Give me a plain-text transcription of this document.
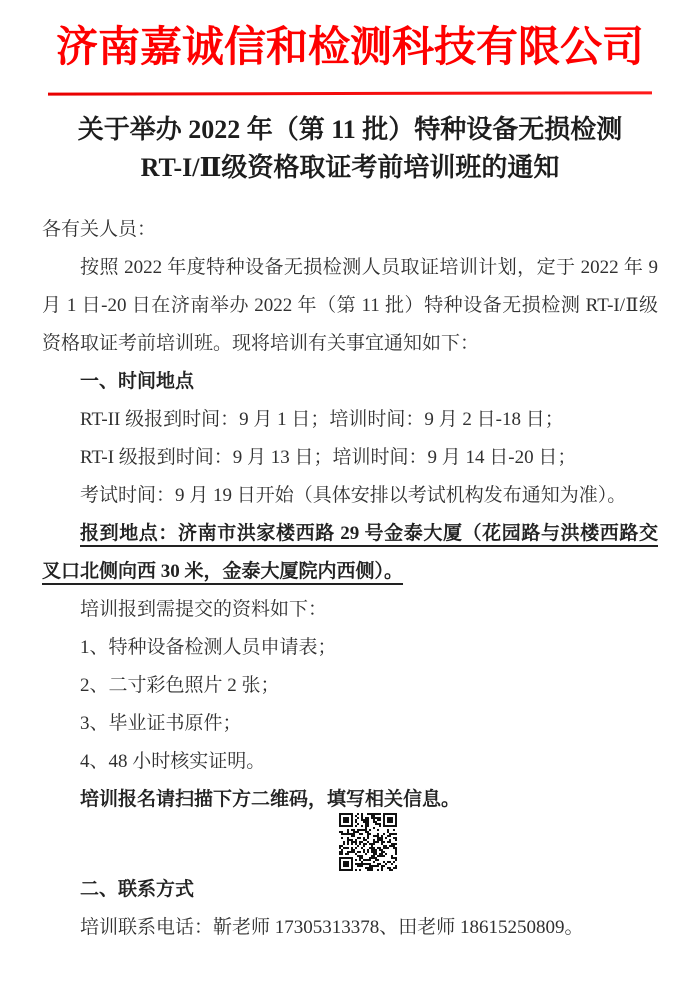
济南嘉诚信和检测科技有限公司
关于举办 2022 年（第 11 批）特种设备无损检测
RT-I/Ⅱ级资格取证考前培训班的通知

各有关人员：

按照 2022 年度特种设备无损检测人员取证培训计划，定于 2022 年 9 月 1 日-20 日在济南举办 2022 年（第 11 批）特种设备无损检测 RT-I/Ⅱ级资格取证考前培训班。现将培训有关事宜通知如下：

一、时间地点

RT-II 级报到时间：9 月 1 日；培训时间：9 月 2 日-18 日；

RT-I 级报到时间：9 月 13 日；培训时间：9 月 14 日-20 日；

考试时间：9 月 19 日开始（具体安排以考试机构发布通知为准）。

报到地点：济南市洪家楼西路 29 号金泰大厦（花园路与洪楼西路交叉口北侧向西 30 米，金泰大厦院内西侧）。

培训报到需提交的资料如下：

1、特种设备检测人员申请表；

2、二寸彩色照片 2 张；

3、毕业证书原件；

4、48 小时核实证明。

培训报名请扫描下方二维码，填写相关信息。

二、联系方式

培训联系电话：靳老师 17305313378、田老师 18615250809。
